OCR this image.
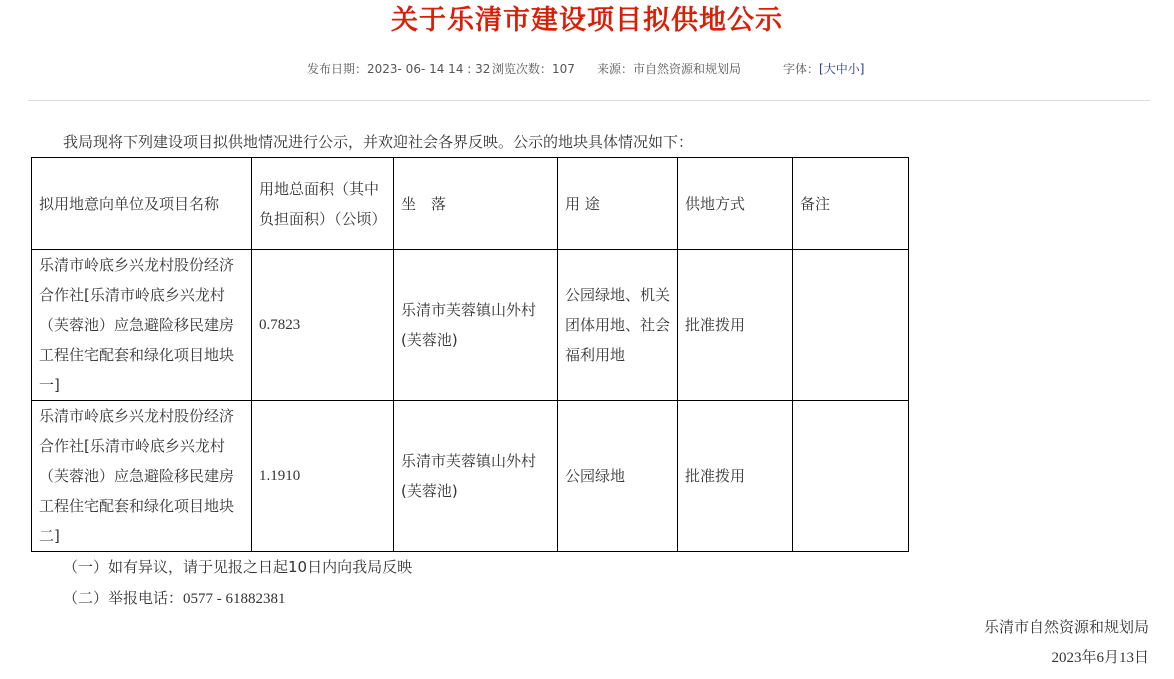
关于乐清市建设项目拟供地公示
发布日期：2023- 06- 14 14 : 32 浏览次数：107 来源：市自然资源和规划局	字体：[大中小]
我局现将下列建设项目拟供地情况进行公示，并欢迎社会各界反映。公示的地块具体情况如下：
拟用地意向单位及项目名称	用地总面积（其中负担面积）（公顷）	坐　落	用 途	供地方式	备注
乐清市岭底乡兴龙村股份经济合作社[乐清市岭底乡兴龙村（芙蓉池）应急避险移民建房工程住宅配套和绿化项目地块一]	0.7823	乐清市芙蓉镇山外村(芙蓉池)	公园绿地、机关团体用地、社会福利用地	批准拨用	
乐清市岭底乡兴龙村股份经济合作社[乐清市岭底乡兴龙村（芙蓉池）应急避险移民建房工程住宅配套和绿化项目地块二]	1.1910	乐清市芙蓉镇山外村(芙蓉池)	公园绿地	批准拨用	
（一）如有异议，请于见报之日起10日内向我局反映
（二）举报电话：0577 - 61882381
乐清市自然资源和规划局
2023年6月13日
